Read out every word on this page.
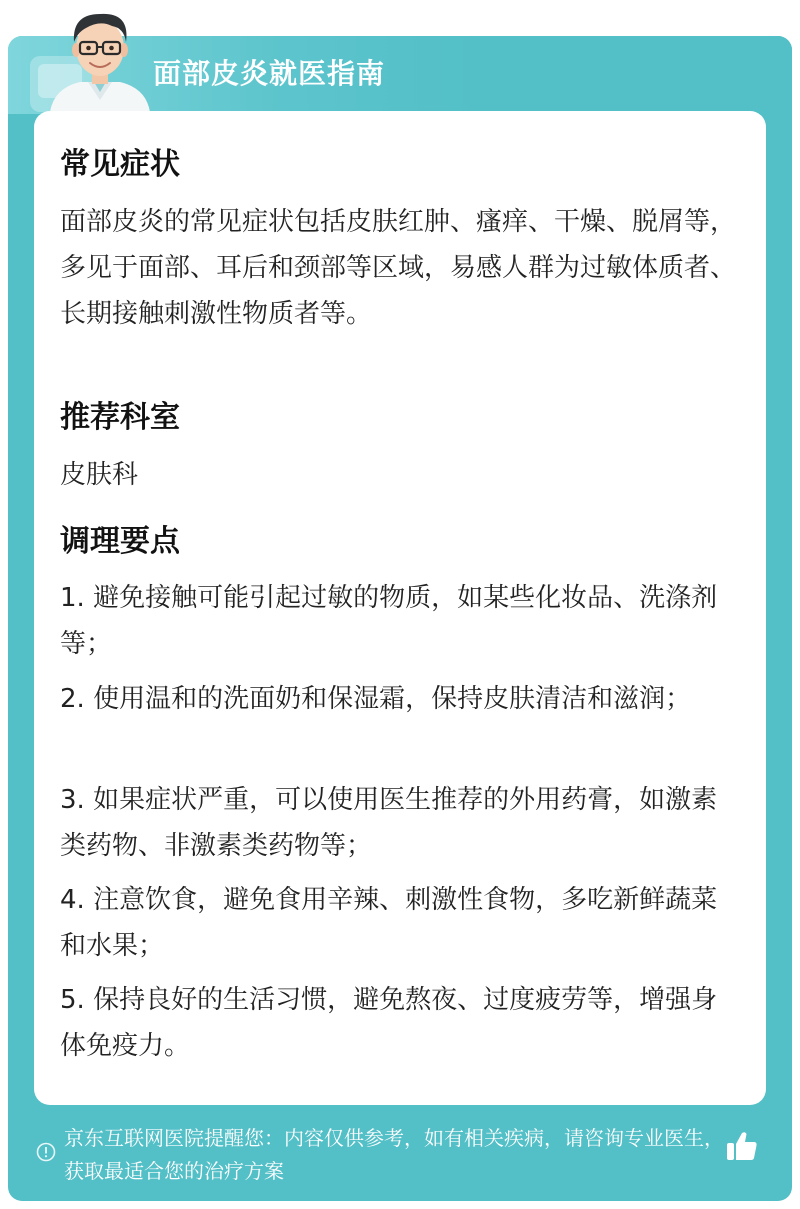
面部皮炎就医指南
常见症状
面部皮炎的常见症状包括皮肤红肿、瘙痒、干燥、脱屑等，多见于面部、耳后和颈部等区域，易感人群为过敏体质者、长期接触刺激性物质者等。
推荐科室
皮肤科
调理要点
1. 避免接触可能引起过敏的物质，如某些化妆品、洗涤剂等；
2. 使用温和的洗面奶和保湿霜，保持皮肤清洁和滋润；
3. 如果症状严重，可以使用医生推荐的外用药膏，如激素类药物、非激素类药物等；
4. 注意饮食，避免食用辛辣、刺激性食物，多吃新鲜蔬菜和水果；
5. 保持良好的生活习惯，避免熬夜、过度疲劳等，增强身体免疫力。
京东互联网医院提醒您：内容仅供参考，如有相关疾病，请咨询专业医生，获取最适合您的治疗方案
